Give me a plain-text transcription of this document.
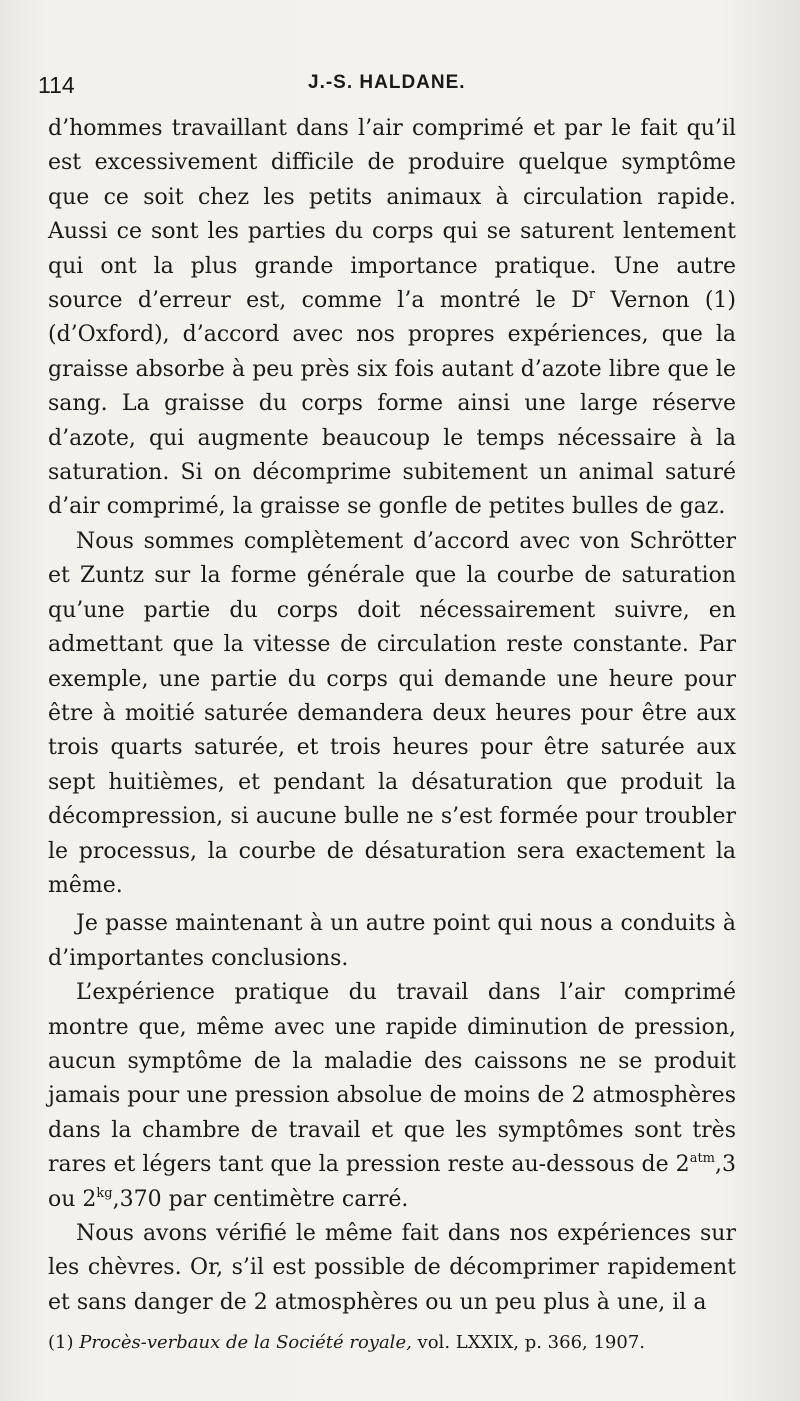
114	J.-S. HALDANE.

d’hommes travaillant dans l’air comprimé et par le fait qu’il est excessivement difficile de produire quelque symptôme que ce soit chez les petits animaux à circulation rapide. Aussi ce sont les parties du corps qui se saturent lentement qui ont la plus grande importance pratique. Une autre source d’erreur est, comme l’a montré le $D^r$ Vernon (1) (d’Oxford), d’accord avec nos propres expériences, que la graisse absorbe à peu près six fois autant d’azote libre que le sang. La graisse du corps forme ainsi une large réserve d’azote, qui augmente beaucoup le temps nécessaire à la saturation. Si on décomprime subitement un animal saturé d’air comprimé, la graisse se gonfle de petites bulles de gaz.

Nous sommes complètement d’accord avec von Schrötter et Zuntz sur la forme générale que la courbe de saturation qu’une partie du corps doit nécessairement suivre, en admettant que la vitesse de circulation reste constante. Par exemple, une partie du corps qui demande une heure pour être à moitié saturée demandera deux heures pour être aux trois quarts saturée, et trois heures pour être saturée aux sept huitièmes, et pendant la désaturation que produit la décompression, si aucune bulle ne s’est formée pour troubler le processus, la courbe de désaturation sera exactement la même.

Je passe maintenant à un autre point qui nous a conduits à d’importantes conclusions.

L’expérience pratique du travail dans l’air comprimé montre que, même avec une rapide diminution de pression, aucun symptôme de la maladie des caissons ne se produit jamais pour une pression absolue de moins de 2 atmosphères dans la chambre de travail et que les symptômes sont très rares et légers tant que la pression reste au-dessous de $2^{atm},3$ ou $2^{kg},370$ par centimètre carré.

Nous avons vérifié le même fait dans nos expériences sur les chèvres. Or, s’il est possible de décomprimer rapidement et sans danger de 2 atmosphères ou un peu plus à une, il a

(1) Procès-verbaux de la Société royale, vol. LXXIX, p. 366, 1907.
